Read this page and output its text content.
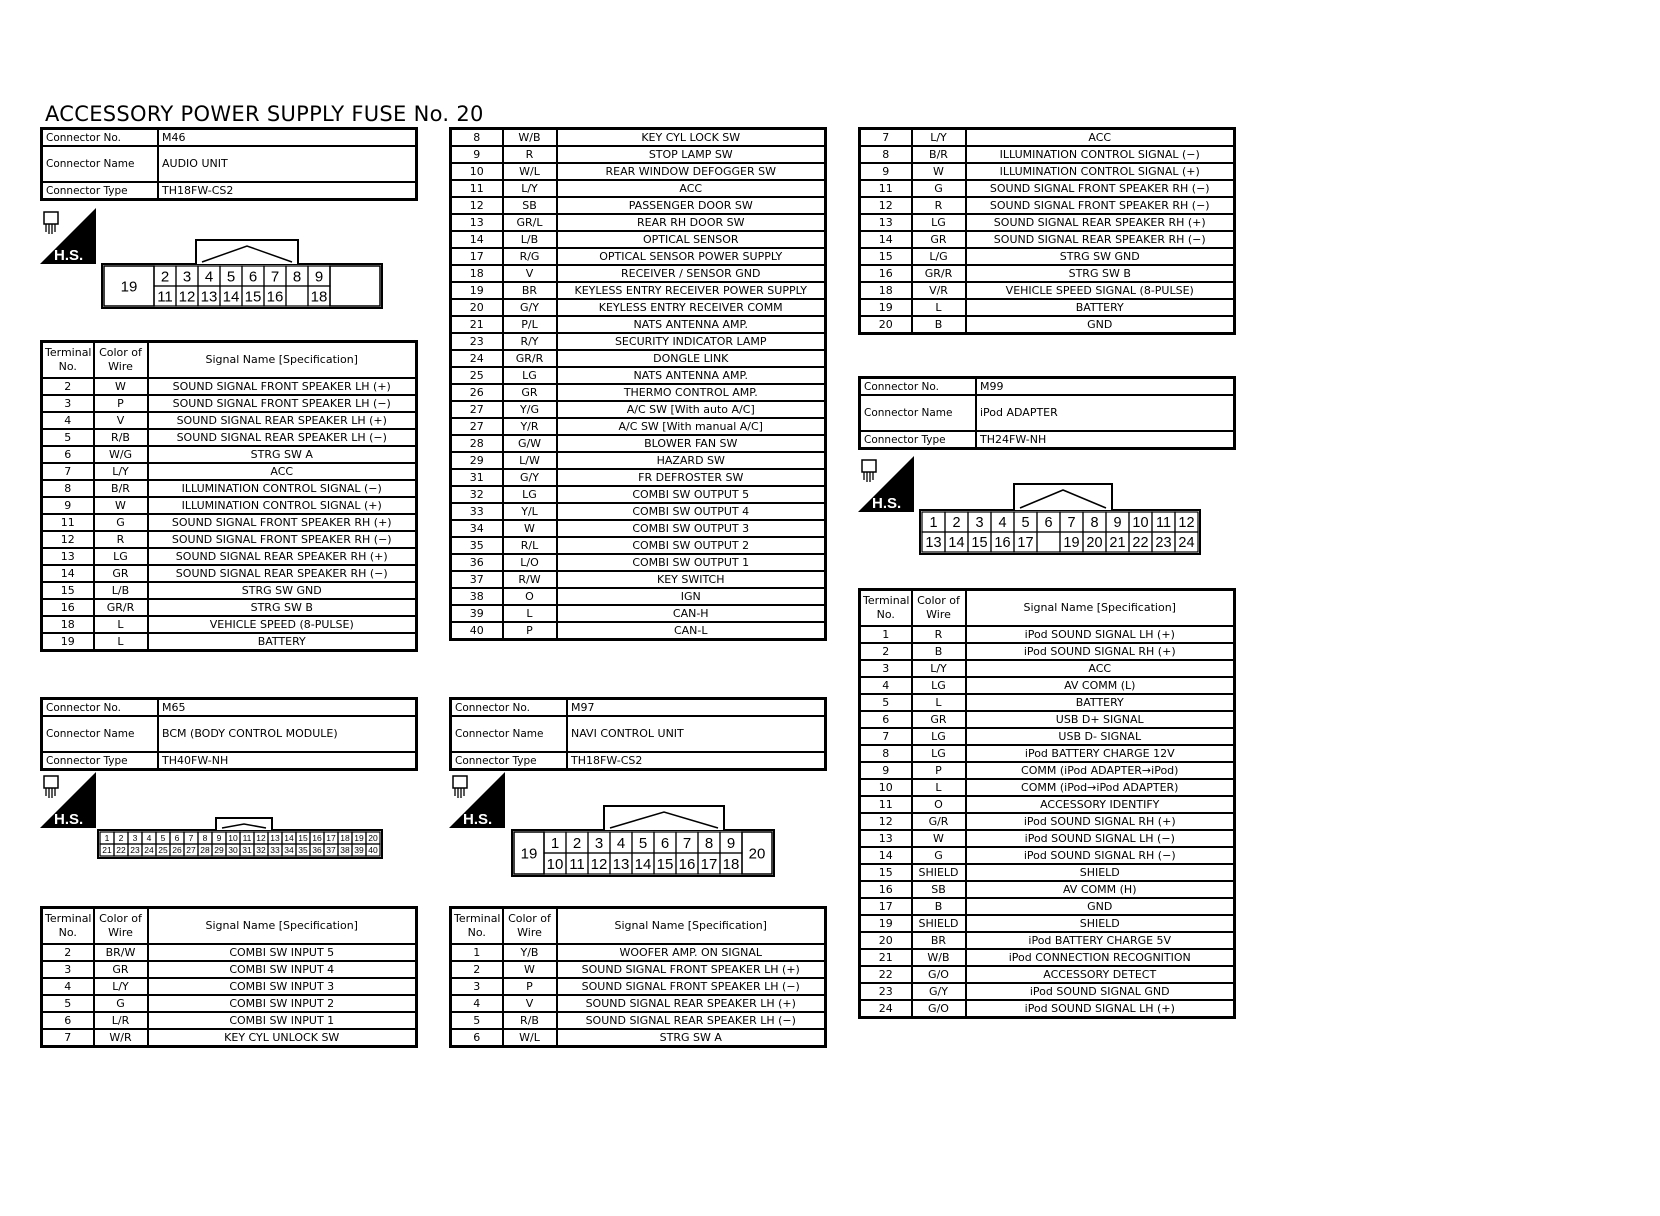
ACCESSORY POWER SUPPLY FUSE No. 20
Connector No.	M46
Connector Name	AUDIO UNIT
Connector Type	TH18FW-CS2
Connector No.	M65
Connector Name	BCM (BODY CONTROL MODULE)
Connector Type	TH40FW-NH
Connector No.	M97
Connector Name	NAVI CONTROL UNIT
Connector Type	TH18FW-CS2
Connector No.	M99
Connector Name	iPod ADAPTER
Connector Type	TH24FW-NH
H.S.
H.S.	H.S.
H.S.
19
2 3 4 5 6 7 8 9
11 12 13 14 15 16 18
19	20
1 2 3 4 5 6 7 8 9
10 11 12 13 14 15 16 17 18
1 2 3 4 5 6 7 8 9 10 11 12
13 14 15 16 17 19 20 21 22 23 24
1 2 3 4 5 6 7 8 9 10 11 12 13 14 15 16 17 18 19 20
21 22 23 24 25 26 27 28 29 30 31 32 33 34 35 36 37 38 39 40
Terminal No.	Color of Wire	Signal Name [Specification]
2	W	SOUND SIGNAL FRONT SPEAKER LH (+)
3	P	SOUND SIGNAL FRONT SPEAKER LH (−)
4	V	SOUND SIGNAL REAR SPEAKER LH (+)
5	R/B	SOUND SIGNAL REAR SPEAKER LH (−)
6	W/G	STRG SW A
7	L/Y	ACC
8	B/R	ILLUMINATION CONTROL SIGNAL (−)
9	W	ILLUMINATION CONTROL SIGNAL (+)
11	G	SOUND SIGNAL FRONT SPEAKER RH (+)
12	R	SOUND SIGNAL FRONT SPEAKER RH (−)
13	LG	SOUND SIGNAL REAR SPEAKER RH (+)
14	GR	SOUND SIGNAL REAR SPEAKER RH (−)
15	L/B	STRG SW GND
16	GR/R	STRG SW B
18	L	VEHICLE SPEED (8-PULSE)
19	L	BATTERY
8	W/B	KEY CYL LOCK SW
9	R	STOP LAMP SW
10	W/L	REAR WINDOW DEFOGGER SW
11	L/Y	ACC
12	SB	PASSENGER DOOR SW
13	GR/L	REAR RH DOOR SW
14	L/B	OPTICAL SENSOR
17	R/G	OPTICAL SENSOR POWER SUPPLY
18	V	RECEIVER / SENSOR GND
19	BR	KEYLESS ENTRY RECEIVER POWER SUPPLY
20	G/Y	KEYLESS ENTRY RECEIVER COMM
21	P/L	NATS ANTENNA AMP.
23	R/Y	SECURITY INDICATOR LAMP
24	GR/R	DONGLE LINK
25	LG	NATS ANTENNA AMP.
26	GR	THERMO CONTROL AMP.
27	Y/G	A/C SW [With auto A/C]
27	Y/R	A/C SW [With manual A/C]
28	G/W	BLOWER FAN SW
29	L/W	HAZARD SW
31	G/Y	FR DEFROSTER SW
32	LG	COMBI SW OUTPUT 5
33	Y/L	COMBI SW OUTPUT 4
34	W	COMBI SW OUTPUT 3
35	R/L	COMBI SW OUTPUT 2
36	L/O	COMBI SW OUTPUT 1
37	R/W	KEY SWITCH
38	O	IGN
39	L	CAN-H
40	P	CAN-L
7	L/Y	ACC
8	B/R	ILLUMINATION CONTROL SIGNAL (−)
9	W	ILLUMINATION CONTROL SIGNAL (+)
11	G	SOUND SIGNAL FRONT SPEAKER RH (−)
12	R	SOUND SIGNAL FRONT SPEAKER RH (−)
13	LG	SOUND SIGNAL REAR SPEAKER RH (+)
14	GR	SOUND SIGNAL REAR SPEAKER RH (−)
15	L/G	STRG SW GND
16	GR/R	STRG SW B
18	V/R	VEHICLE SPEED SIGNAL (8-PULSE)
19	L	BATTERY
20	B	GND
Terminal No.	Color of Wire	Signal Name [Specification]
2	BR/W	COMBI SW INPUT 5
3	GR	COMBI SW INPUT 4
4	L/Y	COMBI SW INPUT 3
5	G	COMBI SW INPUT 2
6	L/R	COMBI SW INPUT 1
7	W/R	KEY CYL UNLOCK SW
Terminal No.	Color of Wire	Signal Name [Specification]
1	Y/B	WOOFER AMP. ON SIGNAL
2	W	SOUND SIGNAL FRONT SPEAKER LH (+)
3	P	SOUND SIGNAL FRONT SPEAKER LH (−)
4	V	SOUND SIGNAL REAR SPEAKER LH (+)
5	R/B	SOUND SIGNAL REAR SPEAKER LH (−)
6	W/L	STRG SW A
Terminal No.	Color of Wire	Signal Name [Specification]
1	R	iPod SOUND SIGNAL LH (+)
2	B	iPod SOUND SIGNAL RH (+)
3	L/Y	ACC
4	LG	AV COMM (L)
5	L	BATTERY
6	GR	USB D+ SIGNAL
7	LG	USB D- SIGNAL
8	LG	iPod BATTERY CHARGE 12V
9	P	COMM (iPod ADAPTER→iPod)
10	L	COMM (iPod→iPod ADAPTER)
11	O	ACCESSORY IDENTIFY
12	G/R	iPod SOUND SIGNAL RH (+)
13	W	iPod SOUND SIGNAL LH (−)
14	G	iPod SOUND SIGNAL RH (−)
15	SHIELD	SHIELD
16	SB	AV COMM (H)
17	B	GND
19	SHIELD	SHIELD
20	BR	iPod BATTERY CHARGE 5V
21	W/B	iPod CONNECTION RECOGNITION
22	G/O	ACCESSORY DETECT
23	G/Y	iPod SOUND SIGNAL GND
24	G/O	iPod SOUND SIGNAL LH (+)
